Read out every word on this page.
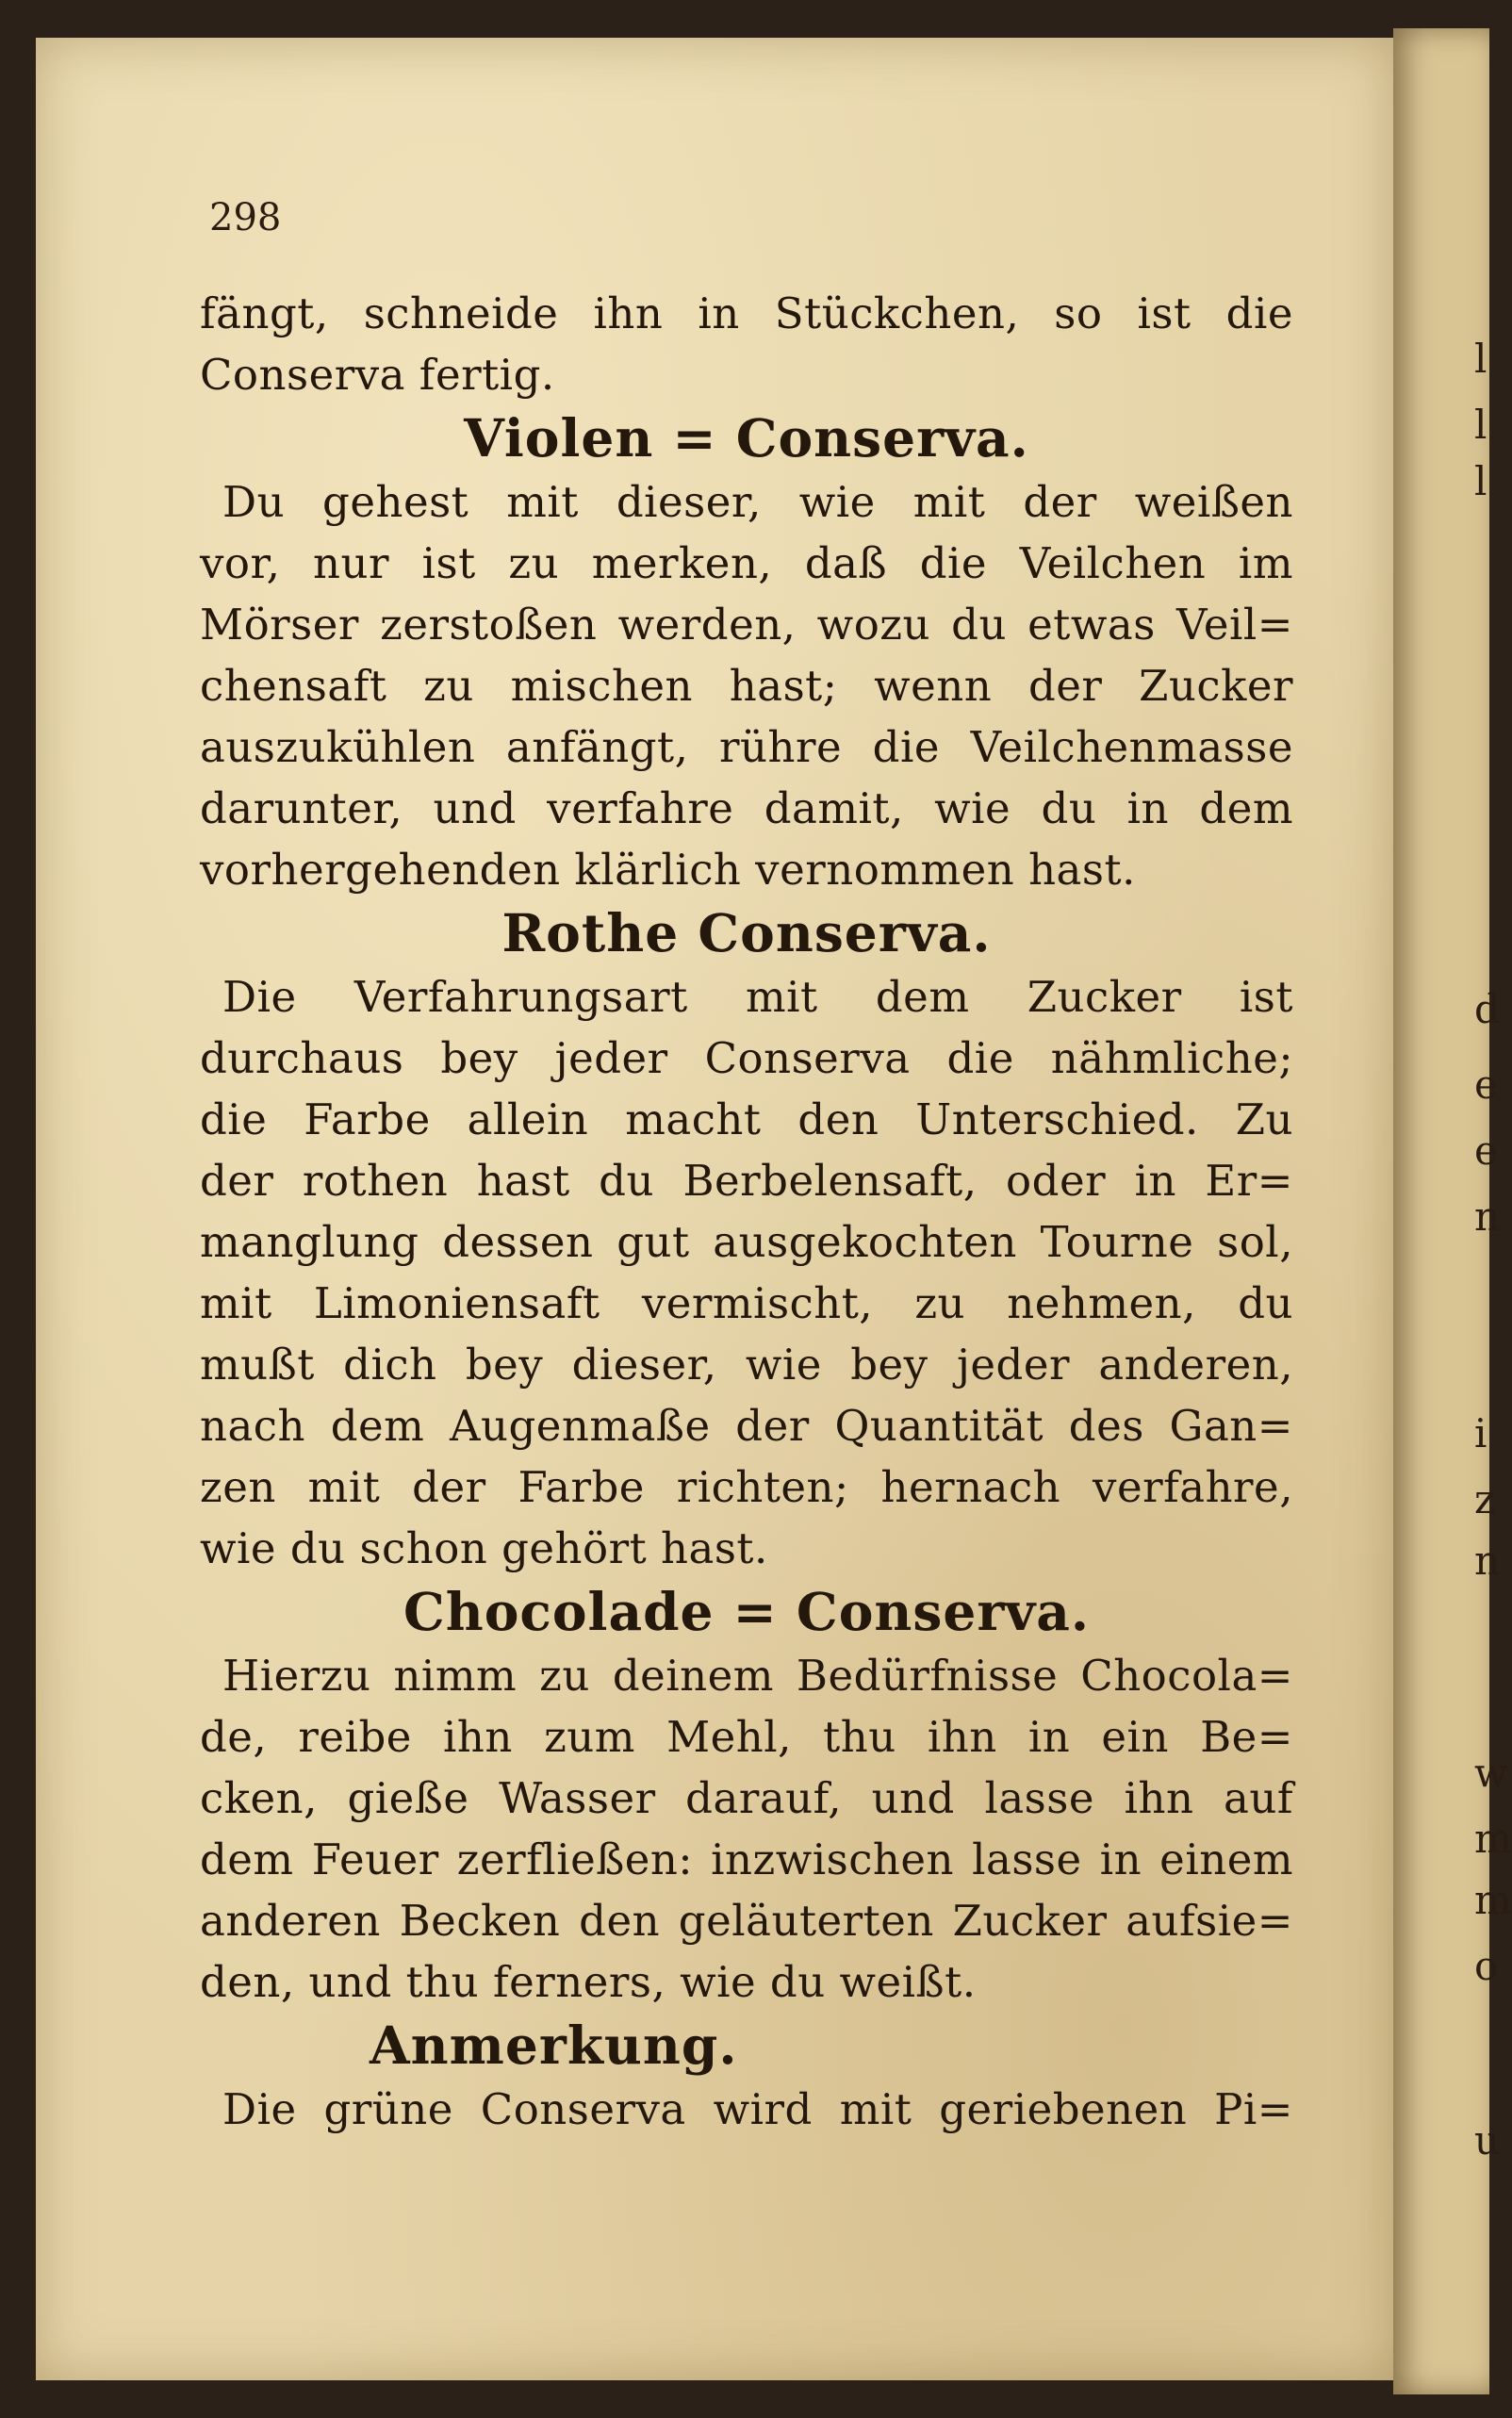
l
l
l
d
e
e
n
i
z
n
w
m
m
o
u
298
fängt, schneide ihn in Stückchen, so ist die
Conserva fertig.
Violen = Conserva.
Du gehest mit dieser, wie mit der weißen
vor, nur ist zu merken, daß die Veilchen im
Mörser zerstoßen werden, wozu du etwas Veil=
chensaft zu mischen hast; wenn der Zucker
auszukühlen anfängt, rühre die Veilchenmasse
darunter, und verfahre damit, wie du in dem
vorhergehenden klärlich vernommen hast.
Rothe Conserva.
Die Verfahrungsart mit dem Zucker ist
durchaus bey jeder Conserva die nähmliche;
die Farbe allein macht den Unterschied. Zu
der rothen hast du Berbelensaft, oder in Er=
manglung dessen gut ausgekochten Tourne sol,
mit Limoniensaft vermischt, zu nehmen, du
mußt dich bey dieser, wie bey jeder anderen,
nach dem Augenmaße der Quantität des Gan=
zen mit der Farbe richten; hernach verfahre,
wie du schon gehört hast.
Chocolade = Conserva.
Hierzu nimm zu deinem Bedürfnisse Chocola=
de, reibe ihn zum Mehl, thu ihn in ein Be=
cken, gieße Wasser darauf, und lasse ihn auf
dem Feuer zerfließen: inzwischen lasse in einem
anderen Becken den geläuterten Zucker aufsie=
den, und thu ferners, wie du weißt.
Anmerkung.
Die grüne Conserva wird mit geriebenen Pi=
